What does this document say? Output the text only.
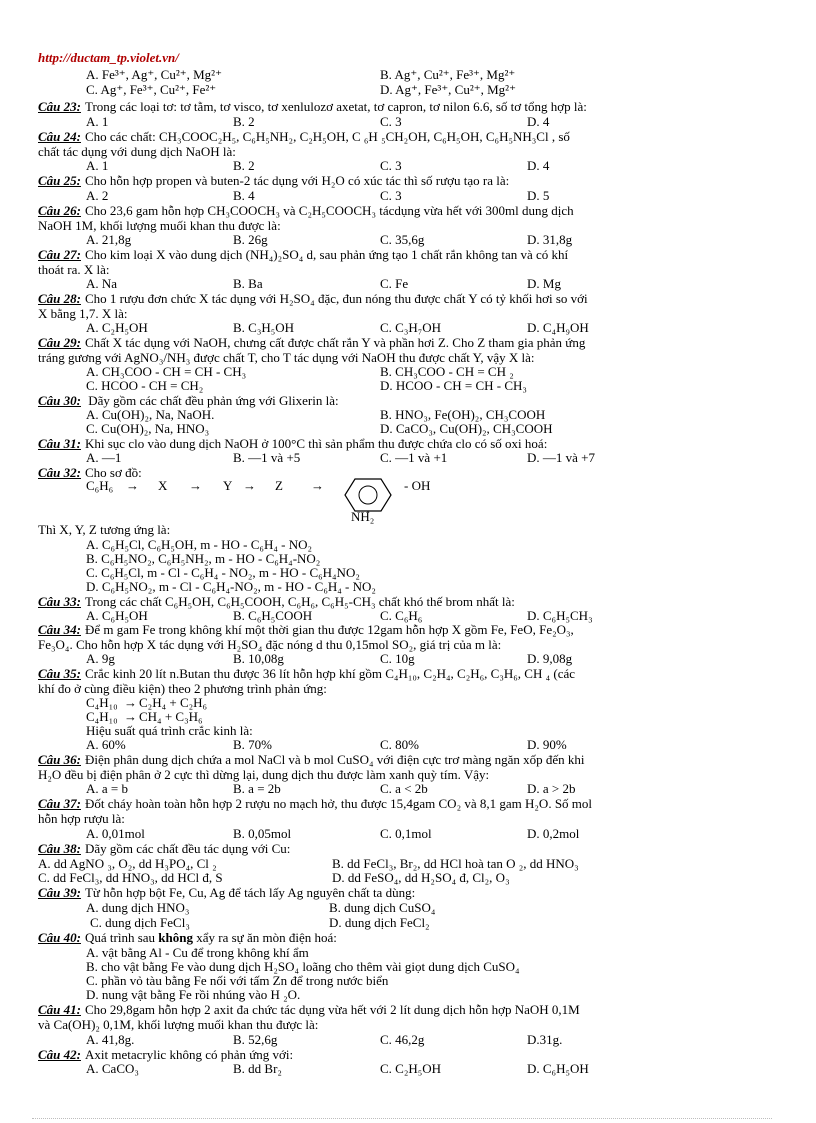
http://ductam_tp.violet.vn/
A. Fe³⁺, Ag⁺, Cu²⁺, Mg²⁺	B. Ag⁺, Cu²⁺, Fe³⁺, Mg²⁺
C. Ag⁺, Fe³⁺, Cu²⁺, Fe²⁺	D. Ag⁺, Fe³⁺, Cu²⁺, Mg²⁺
Câu 23: Trong các loại tơ: tơ tằm, tơ visco, tơ xenlulozơ axetat, tơ capron, tơ nilon 6.6, số tơ tổng hợp là:
A. 1	B. 2	C. 3	D. 4
Câu 24: Cho các chất: CH₃COOC₂H₅, C₆H₅NH₂, C₂H₅OH, C ₆H ₅CH₂OH, C₆H₅OH, C₆H₅NH₃Cl , số
chất tác dụng với dung dịch NaOH là:
A. 1	B. 2	C. 3	D. 4
Câu 25: Cho hỗn hợp propen và buten-2 tác dụng với H₂O có xúc tác thì số rượu tạo ra là:
A. 2	B. 4	C. 3	D. 5
Câu 26: Cho 23,6 gam hỗn hợp CH₃COOCH₃ và C₂H₅COOCH₃ tácdụng vừa hết với 300ml dung dịch
NaOH 1M, khối lượng muối khan thu được là:
A. 21,8g	B. 26g	C. 35,6g	D. 31,8g
Câu 27: Cho kim loại X vào dung dịch (NH₄)₂SO₄ d, sau phản ứng tạo 1 chất rắn không tan và có khí
thoát ra. X là:
A. Na	B. Ba	C. Fe	D. Mg
Câu 28: Cho 1 rượu đơn chức X tác dụng với H₂SO₄ đặc, đun nóng thu được chất Y có tỷ khối hơi so với
X bằng 1,7. X là:
A. C₂H₅OH	B. C₃H₅OH	C. C₃H₇OH	D. C₄H₉OH
Câu 29: Chất X tác dụng với NaOH, chưng cất được chất rắn Y và phần hơi Z. Cho Z tham gia phản ứng
tráng gương với AgNO₃/NH₃ được chất T, cho T tác dụng với NaOH thu được chất Y, vậy X là:
A. CH₃COO - CH = CH - CH₃	B. CH₃COO - CH = CH ₂
C. HCOO - CH = CH₂	D. HCOO - CH = CH - CH₃
Câu 30: Dãy gồm các chất đều phản ứng với Glixerin là:
A. Cu(OH)₂, Na, NaOH.	B. HNO₃, Fe(OH)₂, CH₃COOH
C. Cu(OH)₂, Na, HNO₃	D. CaCO₃, Cu(OH)₂, CH₃COOH
Câu 31: Khi sục clo vào dung dịch NaOH ở 100°C thì sản phẩm thu được chứa clo có số oxi hoá:
A. —1	B. —1 và +5	C. —1 và +1	D. —1 và +7
Câu 32: Cho sơ đồ:
C₆H₆ → X → Y → Z →	- OH
NH₂
Thì X, Y, Z tương ứng là:
A. C₆H₅Cl, C₆H₅OH, m - HO - C₆H₄ - NO₂
B. C₆H₅NO₂, C₆H₅NH₂, m - HO - C₆H₄-NO₂
C. C₆H₅Cl, m - Cl - C₆H₄ - NO₂, m - HO - C₆H₄NO₂
D. C₆H₅NO₂, m - Cl - C₆H₄-NO₂, m - HO - C₆H₄ - NO₂
Câu 33: Trong các chất C₆H₅OH, C₆H₅COOH, C₆H₆, C₆H₅-CH₃ chất khó thế brom nhất là:
A. C₆H₅OH	B. C₆H₅COOH	C. C₆H₆	D. C₆H₅CH₃
Câu 34: Để m gam Fe trong không khí một thời gian thu được 12gam hỗn hợp X gồm Fe, FeO, Fe₂O₃,
Fe₃O₄. Cho hỗn hợp X tác dụng với H₂SO₄ đặc nóng d thu 0,15mol SO₂, giá trị của m là:
A. 9g	B. 10,08g	C. 10g	D. 9,08g
Câu 35: Crắc kinh 20 lít n.Butan thu được 36 lít hỗn hợp khí gồm C₄H₁₀, C₂H₄, C₂H₆, C₃H₆, CH ₄ (các
khí đo ở cùng điều kiện) theo 2 phương trình phản ứng:
C₄H₁₀ → C₂H₄ + C₂H₆
C₄H₁₀ → CH₄ + C₃H₆
Hiệu suất quá trình crắc kinh là:
A. 60%	B. 70%	C. 80%	D. 90%
Câu 36: Điện phân dung dịch chứa a mol NaCl và b mol CuSO₄ với điện cực trơ màng ngăn xốp đến khi
H₂O đều bị điện phân ở 2 cực thì dừng lại, dung dịch thu được làm xanh quỳ tím. Vậy:
A. a = b	B. a = 2b	C. a < 2b	D. a > 2b
Câu 37: Đốt cháy hoàn toàn hỗn hợp 2 rượu no mạch hở, thu được 15,4gam CO₂ và 8,1 gam H₂O. Số mol
hỗn hợp rượu là:
A. 0,01mol	B. 0,05mol	C. 0,1mol	D. 0,2mol
Câu 38: Dãy gồm các chất đều tác dụng với Cu:
A. dd AgNO ₃, O₂, dd H₃PO₄, Cl ₂	B. dd FeCl₃, Br₂, dd HCl hoà tan O ₂, dd HNO₃
C. dd FeCl₃, dd HNO₃, dd HCl đ, S	D. dd FeSO₄, dd H₂SO₄ đ, Cl₂, O₃
Câu 39: Từ hỗn hợp bột Fe, Cu, Ag để tách lấy Ag nguyên chất ta dùng:
A. dung dịch HNO₃	B. dung dịch CuSO₄
C. dung dịch FeCl₃	D. dung dịch FeCl₂
Câu 40: Quá trình sau không xẩy ra sự ăn mòn điện hoá:
A. vật bằng Al - Cu để trong không khí ẩm
B. cho vật bằng Fe vào dung dịch H₂SO₄ loãng cho thêm vài giọt dung dịch CuSO₄
C. phần vỏ tàu bằng Fe nối với tấm Zn để trong nước biển
D. nung vật bằng Fe rồi nhúng vào H ₂O.
Câu 41: Cho 29,8gam hỗn hợp 2 axit đa chức tác dụng vừa hết với 2 lít dung dịch hỗn hợp NaOH 0,1M
và Ca(OH)₂ 0,1M, khối lượng muối khan thu được là:
A. 41,8g.	B. 52,6g	C. 46,2g	D.31g.
Câu 42: Axit metacrylic không có phản ứng với:
A. CaCO₃	B. dd Br₂	C. C₂H₅OH	D. C₆H₅OH
